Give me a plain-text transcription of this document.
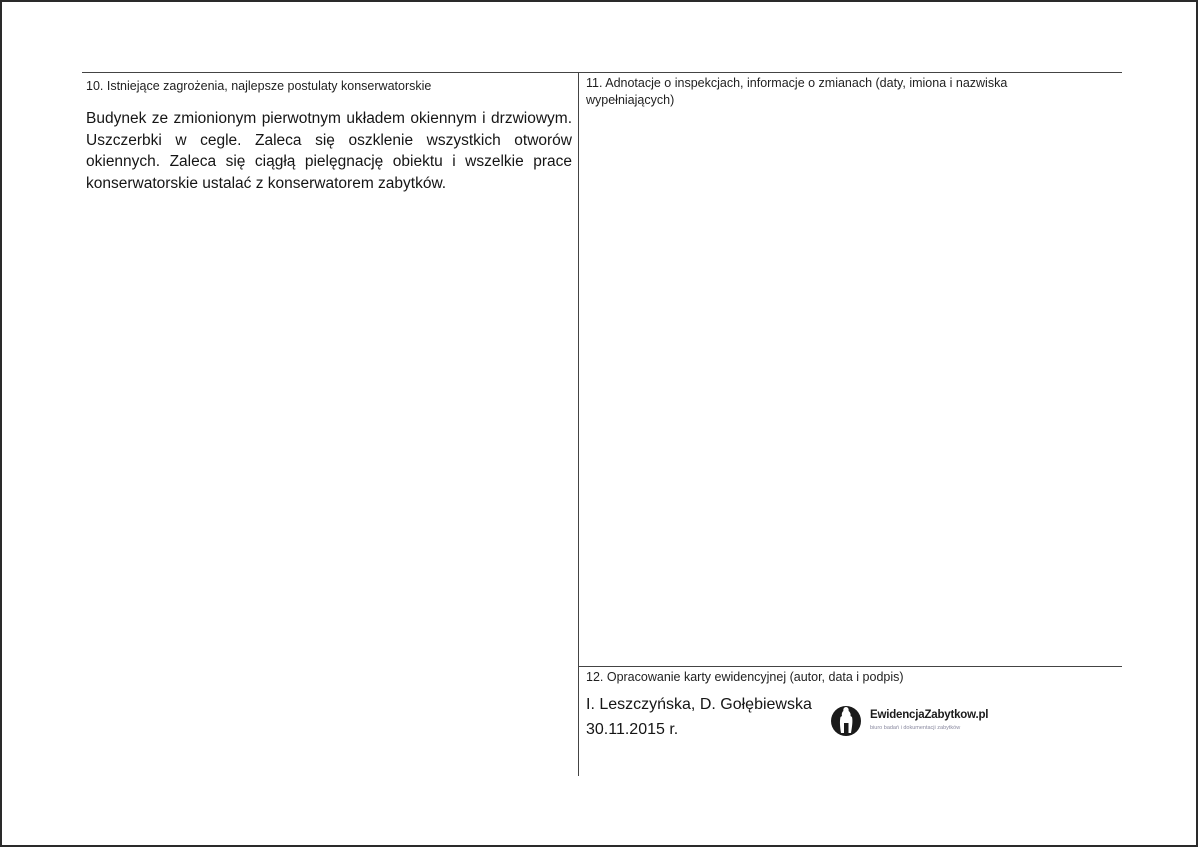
10. Istniejące zagrożenia, najlepsze postulaty konserwatorskie

Budynek ze zmionionym pierwotnym układem okiennym i drzwiowym. Uszczerbki w cegle. Zaleca się oszklenie wszystkich otworów okiennych. Zaleca się ciągłą pielęgnację obiektu i wszelkie prace konserwatorskie ustalać z konserwatorem zabytków.

11. Adnotacje o inspekcjach, informacje o zmianach (daty, imiona i nazwiska wypełniających)
12. Opracowanie karty ewidencyjnej (autor, data i podpis)
I. Leszczyńska, D. Gołębiewska
30.11.2015 r.
EwidencjaZabytkow.pl
biuro badań i dokumentacji zabytków
